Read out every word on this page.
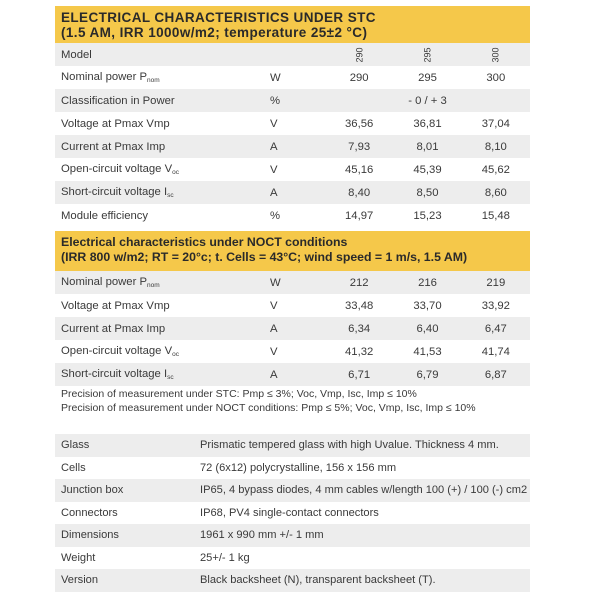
ELECTRICAL CHARACTERISTICS UNDER STC
(1.5 AM, IRR 1000w/m2; temperature 25±2 °C)
Model		290	295	300
Nominal power $P_{nom}$	W	290	295	300
Classification in Power	%	- 0 / + 3		
Voltage at Pmax Vmp	V	36,56	36,81	37,04
Current at Pmax Imp	A	7,93	8,01	8,10
Open-circuit voltage $V_{oc}$	V	45,16	45,39	45,62
Short-circuit voltage $I_{sc}$	A	8,40	8,50	8,60
Module efficiency	%	14,97	15,23	15,48
Electrical characteristics under NOCT conditions
(IRR 800 w/m2; RT = 20°c; t. Cells = 43°C; wind speed = 1 m/s, 1.5 AM)
Nominal power $P_{nom}$	W	212	216	219
Voltage at Pmax Vmp	V	33,48	33,70	33,92
Current at Pmax Imp	A	6,34	6,40	6,47
Open-circuit voltage $V_{oc}$	V	41,32	41,53	41,74
Short-circuit voltage $I_{sc}$	A	6,71	6,79	6,87
Precision of measurement under STC: Pmp ≤ 3%; Voc, Vmp, Isc, Imp ≤ 10%
Precision of measurement under NOCT conditions: Pmp ≤ 5%; Voc, Vmp, Isc, Imp ≤ 10%
Glass	Prismatic tempered glass with high Uvalue. Thickness 4 mm.
Cells	72 (6x12) polycrystalline, 156 x 156 mm
Junction box	IP65, 4 bypass diodes, 4 mm cables w/length 100 (+) / 100 (-) cm2
Connectors	IP68, PV4 single-contact connectors
Dimensions	1961 x 990 mm +/- 1 mm
Weight	25+/- 1 kg
Version	Black backsheet (N), transparent backsheet (T).
